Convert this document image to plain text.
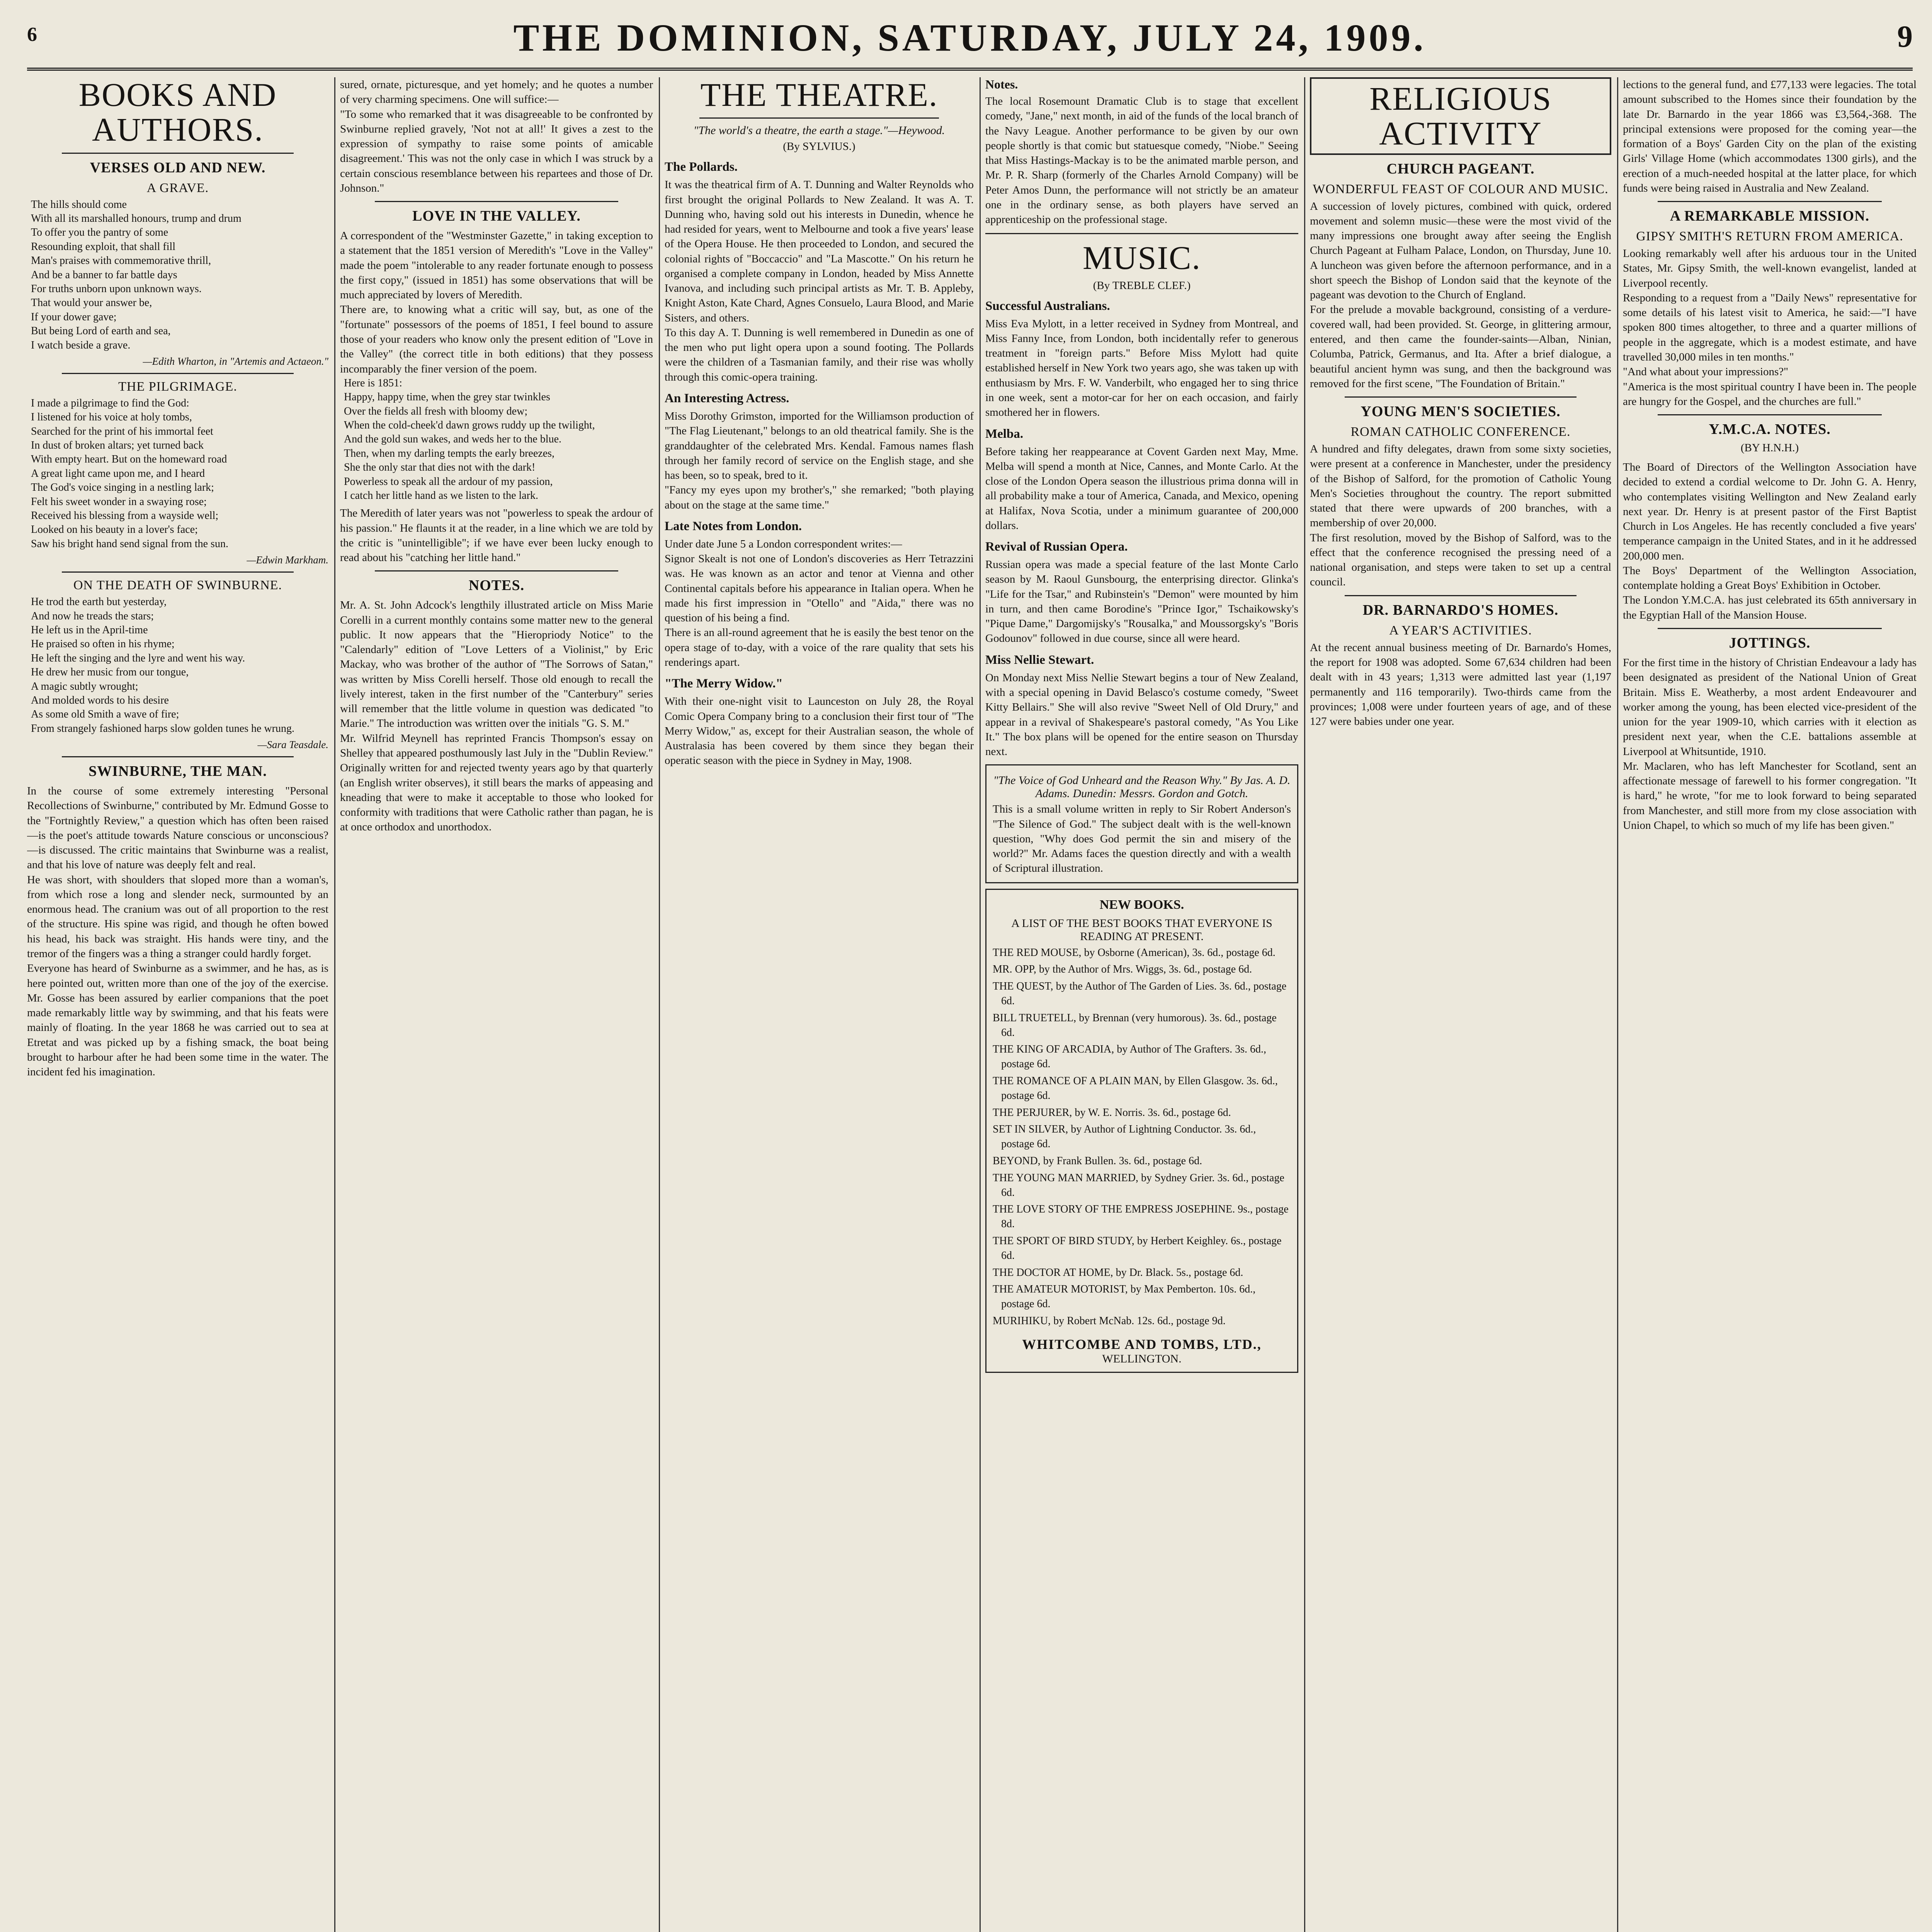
6	THE DOMINION, SATURDAY, JULY 24, 1909.	9
BOOKS AND AUTHORS.
VERSES OLD AND NEW.
A GRAVE.
The hills should come
With all its marshalled honours, trump and drum
To offer you the pantry of some
Resounding exploit, that shall fill
Man's praises with commemorative thrill,
And be a banner to far battle days
For truths unborn upon unknown ways.
That would your answer be,
If your dower gave;
But being Lord of earth and sea,
I watch beside a grave.
—Edith Wharton, in "Artemis and Actaeon."
THE PILGRIMAGE.
I made a pilgrimage to find the God:
I listened for his voice at holy tombs,
Searched for the print of his immortal feet
In dust of broken altars; yet turned back
With empty heart. But on the homeward road
A great light came upon me, and I heard
The God's voice singing in a nestling lark;
Felt his sweet wonder in a swaying rose;
Received his blessing from a wayside well;
Looked on his beauty in a lover's face;
Saw his bright hand send signal from the sun.
—Edwin Markham.
ON THE DEATH OF SWINBURNE.
He trod the earth but yesterday,
And now he treads the stars;
He left us in the April-time
He praised so often in his rhyme;
He left the singing and the lyre and went his way.
He drew her music from our tongue,
A magic subtly wrought;
And molded words to his desire
As some old Smith a wave of fire;
From strangely fashioned harps slow golden tunes he wrung.
—Sara Teasdale.
SWINBURNE, THE MAN.

In the course of some extremely interesting "Personal Recollections of Swinburne," contributed by Mr. Edmund Gosse to the "Fortnightly Review," a question which has often been raised—is the poet's attitude towards Nature conscious or unconscious?—is discussed. The critic maintains that Swinburne was a realist, and that his love of nature was deeply felt and real.
He was short, with shoulders that sloped more than a woman's, from which rose a long and slender neck, surmounted by an enormous head. The cranium was out of all proportion to the rest of the structure. His spine was rigid, and though he often bowed his head, his back was straight. His hands were tiny, and the tremor of the fingers was a thing a stranger could hardly forget.
Everyone has heard of Swinburne as a swimmer, and he has, as is here pointed out, written more than one of the joy of the exercise. Mr. Gosse has been assured by earlier companions that the poet made remarkably little way by swimming, and that his feats were mainly of floating. In the year 1868 he was carried out to sea at Etretat and was picked up by a fishing smack, the boat being brought to harbour after he had been some time in the water. The incident fed his imagination.

sured, ornate, picturesque, and yet homely; and he quotes a number of very charming specimens. One will suffice:—
"To some who remarked that it was disagreeable to be confronted by Swinburne replied gravely, 'Not not at all!' It gives a zest to the expression of sympathy to raise some points of amicable disagreement.' This was not the only case in which I was struck by a certain conscious resemblance between his repartees and those of Dr. Johnson."

LOVE IN THE VALLEY.

A correspondent of the "Westminster Gazette," in taking exception to a statement that the 1851 version of Meredith's "Love in the Valley" made the poem "intolerable to any reader fortunate enough to possess the first copy," (issued in 1851) has some observations that will be much appreciated by lovers of Meredith.
There are, to knowing what a critic will say, but, as one of the "fortunate" possessors of the poems of 1851, I feel bound to assure those of your readers who know only the present edition of "Love in the Valley" (the correct title in both editions) that they possess incomparably the finer version of the poem.

Here is 1851:
Happy, happy time, when the grey star twinkles
Over the fields all fresh with bloomy dew;
When the cold-cheek'd dawn grows ruddy up the twilight,
And the gold sun wakes, and weds her to the blue.
Then, when my darling tempts the early breezes,
She the only star that dies not with the dark!
Powerless to speak all the ardour of my passion,
I catch her little hand as we listen to the lark.

The Meredith of later years was not "powerless to speak the ardour of his passion." He flaunts it at the reader, in a line which we are told by the critic is "unintelligible"; if we have ever been lucky enough to read about his "catching her little hand."

NOTES.

Mr. A. St. John Adcock's lengthily illustrated article on Miss Marie Corelli in a current monthly contains some matter new to the general public. It now appears that the "Hieropriody Notice" to the "Calendarly" edition of "Love Letters of a Violinist," by Eric Mackay, who was brother of the author of "The Sorrows of Satan," was written by Miss Corelli herself. Those old enough to recall the lively interest, taken in the first number of the "Canterbury" series will remember that the little volume in question was dedicated "to Marie." The introduction was written over the initials "G. S. M."
Mr. Wilfrid Meynell has reprinted Francis Thompson's essay on Shelley that appeared posthumously last July in the "Dublin Review." Originally written for and rejected twenty years ago by that quarterly (an English writer observes), it still bears the marks of appeasing and kneading that were to make it acceptable to those who looked for conformity with traditions that were Catholic rather than pagan, he is at once orthodox and unorthodox.

THE THEATRE.
"The world's a theatre, the earth a stage."—Heywood.
(By SYLVIUS.)
The Pollards.

It was the theatrical firm of A. T. Dunning and Walter Reynolds who first brought the original Pollards to New Zealand. It was A. T. Dunning who, having sold out his interests in Dunedin, whence he had resided for years, went to Melbourne and took a five years' lease of the Opera House. He then proceeded to London, and secured the colonial rights of "Boccaccio" and "La Mascotte." On his return he organised a complete company in London, headed by Miss Annette Ivanova, and including such principal artists as Mr. T. B. Appleby, Knight Aston, Kate Chard, Agnes Consuelo, Laura Blood, and Marie Sisters, and others.
To this day A. T. Dunning is well remembered in Dunedin as one of the men who put light opera upon a sound footing. The Pollards were the children of a Tasmanian family, and their rise was wholly through this comic-opera training.

An Interesting Actress.

Miss Dorothy Grimston, imported for the Williamson production of "The Flag Lieutenant," belongs to an old theatrical family. She is the granddaughter of the celebrated Mrs. Kendal. Famous names flash through her family record of service on the English stage, and she has been, so to speak, bred to it.
"Fancy my eyes upon my brother's," she remarked; "both playing about on the stage at the same time."

Late Notes from London.

Under date June 5 a London correspondent writes:—
Signor Skealt is not one of London's discoveries as Herr Tetrazzini was. He was known as an actor and tenor at Vienna and other Continental capitals before his appearance in Italian opera. When he made his first impression in "Otello" and "Aida," there was no question of his being a find.
There is an all-round agreement that he is easily the best tenor on the opera stage of to-day, with a voice of the rare quality that sets his renderings apart.

"The Merry Widow."

With their one-night visit to Launceston on July 28, the Royal Comic Opera Company bring to a conclusion their first tour of "The Merry Widow," as, except for their Australian season, the whole of Australasia has been covered by them since they began their operatic season with the piece in Sydney in May, 1908.

Notes.

The local Rosemount Dramatic Club is to stage that excellent comedy, "Jane," next month, in aid of the funds of the local branch of the Navy League. Another performance to be given by our own people shortly is that comic but statuesque comedy, "Niobe." Seeing that Miss Hastings-Mackay is to be the animated marble person, and Mr. P. R. Sharp (formerly of the Charles Arnold Company) will be Peter Amos Dunn, the performance will not strictly be an amateur one in the ordinary sense, as both players have served an apprenticeship on the professional stage.

MUSIC.
(By TREBLE CLEF.)
Successful Australians.

Miss Eva Mylott, in a letter received in Sydney from Montreal, and Miss Fanny Ince, from London, both incidentally refer to generous treatment in "foreign parts." Before Miss Mylott had quite established herself in New York two years ago, she was taken up with enthusiasm by Mrs. F. W. Vanderbilt, who engaged her to sing thrice in one week, sent a motor-car for her on each occasion, and fairly smothered her in flowers.

Melba.

Before taking her reappearance at Covent Garden next May, Mme. Melba will spend a month at Nice, Cannes, and Monte Carlo. At the close of the London Opera season the illustrious prima donna will in all probability make a tour of America, Canada, and Mexico, opening at Halifax, Nova Scotia, under a minimum guarantee of 200,000 dollars.

Revival of Russian Opera.

Russian opera was made a special feature of the last Monte Carlo season by M. Raoul Gunsbourg, the enterprising director. Glinka's "Life for the Tsar," and Rubinstein's "Demon" were mounted by him in turn, and then came Borodine's "Prince Igor," Tschaikowsky's "Pique Dame," Dargomijsky's "Rousalka," and Moussorgsky's "Boris Godounov" followed in due course, since all were heard.

Miss Nellie Stewart.

On Monday next Miss Nellie Stewart begins a tour of New Zealand, with a special opening in David Belasco's costume comedy, "Sweet Kitty Bellairs." She will also revive "Sweet Nell of Old Drury," and appear in a revival of Shakespeare's pastoral comedy, "As You Like It." The box plans will be opened for the entire season on Thursday next.

"The Voice of God Unheard and the Reason Why." By Jas. A. D. Adams. Dunedin: Messrs. Gordon and Gotch.

This is a small volume written in reply to Sir Robert Anderson's "The Silence of God." The subject dealt with is the well-known question, "Why does God permit the sin and misery of the world?" Mr. Adams faces the question directly and with a wealth of Scriptural illustration.

NEW BOOKS.
A LIST OF THE BEST BOOKS THAT EVERYONE IS READING AT PRESENT.
THE RED MOUSE, by Osborne (American), 3s. 6d., postage 6d.
MR. OPP, by the Author of Mrs. Wiggs, 3s. 6d., postage 6d.
THE QUEST, by the Author of The Garden of Lies. 3s. 6d., postage 6d.
BILL TRUETELL, by Brennan (very humorous). 3s. 6d., postage 6d.
THE KING OF ARCADIA, by Author of The Grafters. 3s. 6d., postage 6d.
THE ROMANCE OF A PLAIN MAN, by Ellen Glasgow. 3s. 6d., postage 6d.
THE PERJURER, by W. E. Norris. 3s. 6d., postage 6d.
SET IN SILVER, by Author of Lightning Conductor. 3s. 6d., postage 6d.
BEYOND, by Frank Bullen. 3s. 6d., postage 6d.
THE YOUNG MAN MARRIED, by Sydney Grier. 3s. 6d., postage 6d.
THE LOVE STORY OF THE EMPRESS JOSEPHINE. 9s., postage 8d.
THE SPORT OF BIRD STUDY, by Herbert Keighley. 6s., postage 6d.
THE DOCTOR AT HOME, by Dr. Black. 5s., postage 6d.
THE AMATEUR MOTORIST, by Max Pemberton. 10s. 6d., postage 6d.
MURIHIKU, by Robert McNab. 12s. 6d., postage 9d.
WHITCOMBE AND TOMBS, LTD.,
WELLINGTON.
RELIGIOUS ACTIVITY
CHURCH PAGEANT.
WONDERFUL FEAST OF COLOUR AND MUSIC.

A succession of lovely pictures, combined with quick, ordered movement and solemn music—these were the most vivid of the many impressions one brought away after seeing the English Church Pageant at Fulham Palace, London, on Thursday, June 10. A luncheon was given before the afternoon performance, and in a short speech the Bishop of London said that the keynote of the pageant was devotion to the Church of England.
For the prelude a movable background, consisting of a verdure-covered wall, had been provided. St. George, in glittering armour, entered, and then came the founder-saints—Alban, Ninian, Columba, Patrick, Germanus, and Ita. After a brief dialogue, a beautiful ancient hymn was sung, and then the background was removed for the first scene, "The Foundation of Britain."

YOUNG MEN'S SOCIETIES.
ROMAN CATHOLIC CONFERENCE.

A hundred and fifty delegates, drawn from some sixty societies, were present at a conference in Manchester, under the presidency of the Bishop of Salford, for the promotion of Catholic Young Men's Societies throughout the country. The report submitted stated that there were upwards of 200 branches, with a membership of over 20,000.
The first resolution, moved by the Bishop of Salford, was to the effect that the conference recognised the pressing need of a national organisation, and steps were taken to set up a central council.

DR. BARNARDO'S HOMES.
A YEAR'S ACTIVITIES.

At the recent annual business meeting of Dr. Barnardo's Homes, the report for 1908 was adopted. Some 67,634 children had been dealt with in 43 years; 1,313 were admitted last year (1,197 permanently and 116 temporarily). Two-thirds came from the provinces; 1,008 were under fourteen years of age, and of these 127 were babies under one year.

lections to the general fund, and £77,133 were legacies. The total amount subscribed to the Homes since their foundation by the late Dr. Barnardo in the year 1866 was £3,564,-368. The principal extensions were proposed for the coming year—the formation of a Boys' Garden City on the plan of the existing Girls' Village Home (which accommodates 1300 girls), and the erection of a much-needed hospital at the latter place, for which funds were being raised in Australia and New Zealand.

A REMARKABLE MISSION.
GIPSY SMITH'S RETURN FROM AMERICA.

Looking remarkably well after his arduous tour in the United States, Mr. Gipsy Smith, the well-known evangelist, landed at Liverpool recently.
Responding to a request from a "Daily News" representative for some details of his latest visit to America, he said:—"I have spoken 800 times altogether, to three and a quarter millions of people in the aggregate, which is a modest estimate, and have travelled 30,000 miles in ten months."
"And what about your impressions?"
"America is the most spiritual country I have been in. The people are hungry for the Gospel, and the churches are full."

Y.M.C.A. NOTES.
(BY H.N.H.)

The Board of Directors of the Wellington Association have decided to extend a cordial welcome to Dr. John G. A. Henry, who contemplates visiting Wellington and New Zealand early next year. Dr. Henry is at present pastor of the First Baptist Church in Los Angeles. He has recently concluded a five years' temperance campaign in the United States, and in it he addressed 200,000 men.
The Boys' Department of the Wellington Association, contemplate holding a Great Boys' Exhibition in October.
The London Y.M.C.A. has just celebrated its 65th anniversary in the Egyptian Hall of the Mansion House.

JOTTINGS.

For the first time in the history of Christian Endeavour a lady has been designated as president of the National Union of Great Britain. Miss E. Weatherby, a most ardent Endeavourer and worker among the young, has been elected vice-president of the union for the year 1909-10, which carries with it election as president next year, when the C.E. battalions assemble at Liverpool at Whitsuntide, 1910.
Mr. Maclaren, who has left Manchester for Scotland, sent an affectionate message of farewell to his former congregation. "It is hard," he wrote, "for me to look forward to being separated from Manchester, and still more from my close association with Union Chapel, to which so much of my life has been given."
